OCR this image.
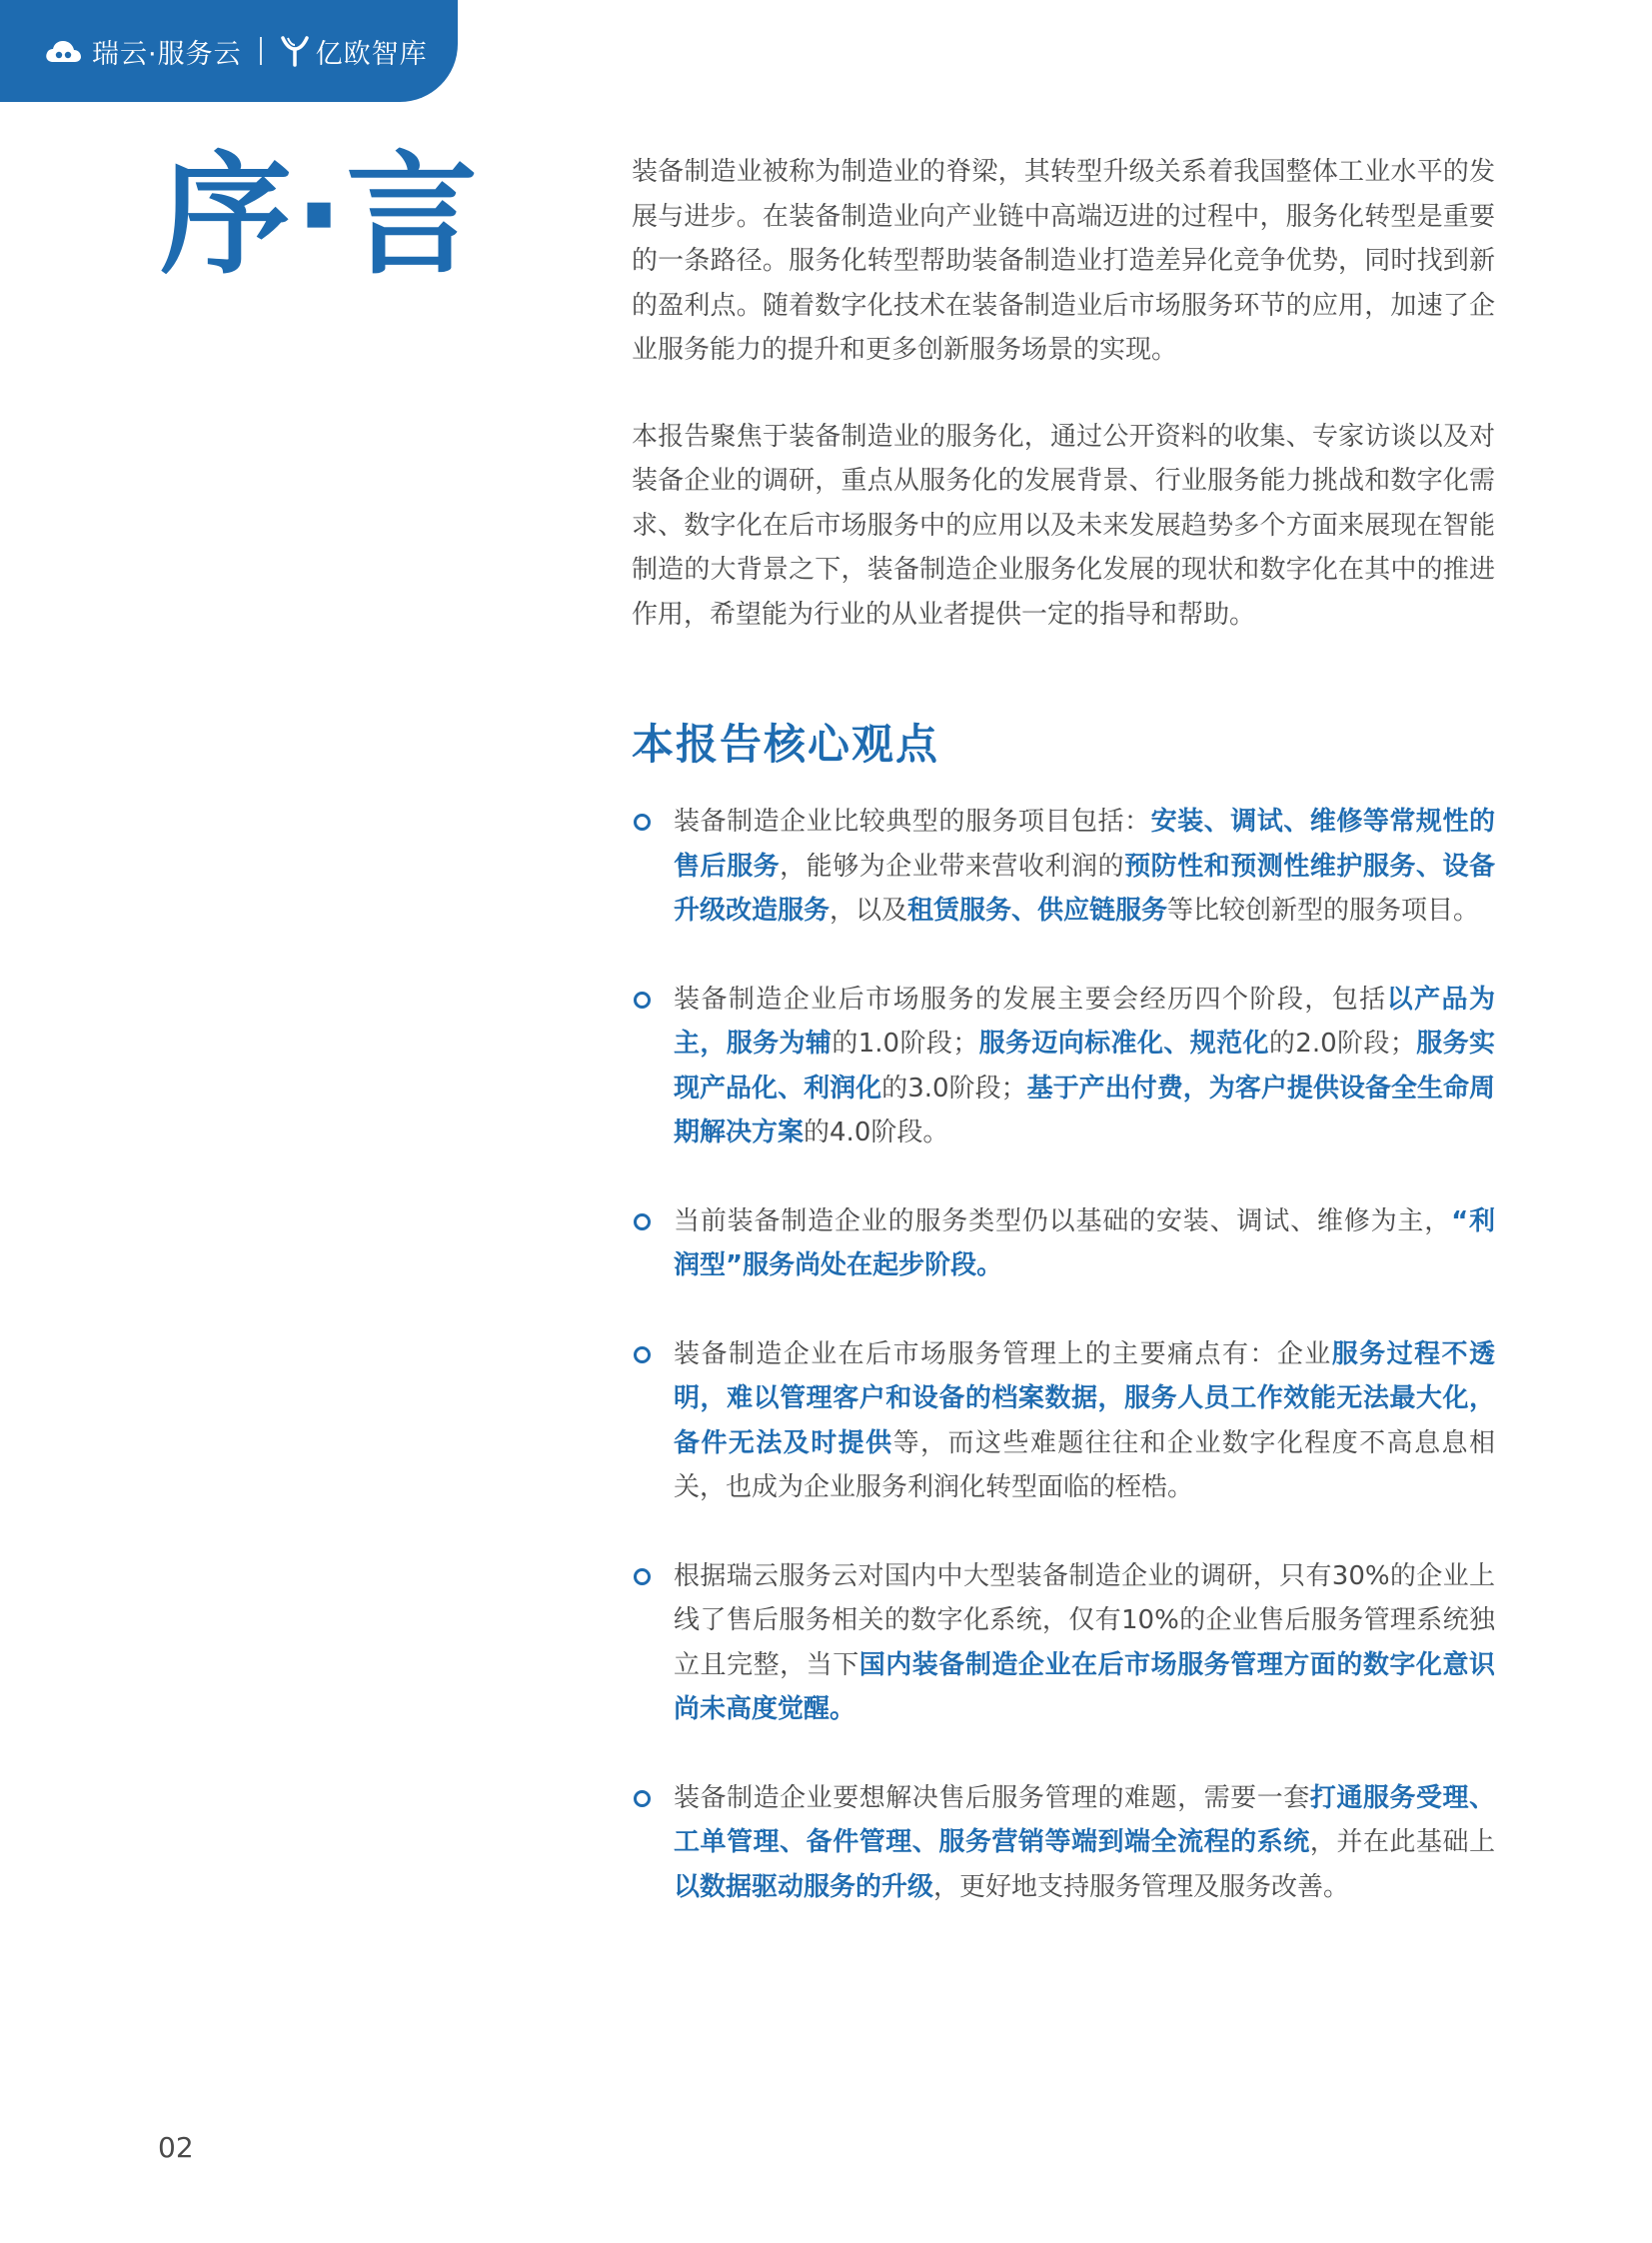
瑞云·服务云	亿欧智库
序·言	装备制造业被称为制造业的脊梁，其转型升级关系着我国整体工业水平的发展与进步。在装备制造业向产业链中高端迈进的过程中，服务化转型是重要的一条路径。服务化转型帮助装备制造业打造差异化竞争优势，同时找到新的盈利点。随着数字化技术在装备制造业后市场服务环节的应用，加速了企业服务能力的提升和更多创新服务场景的实现。

本报告聚焦于装备制造业的服务化，通过公开资料的收集、专家访谈以及对装备企业的调研，重点从服务化的发展背景、行业服务能力挑战和数字化需求、数字化在后市场服务中的应用以及未来发展趋势多个方面来展现在智能制造的大背景之下，装备制造企业服务化发展的现状和数字化在其中的推进作用，希望能为行业的从业者提供一定的指导和帮助。

本报告核心观点
装备制造企业比较典型的服务项目包括：安装、调试、维修等常规性的售后服务，能够为企业带来营收利润的预防性和预测性维护服务、设备升级改造服务，以及租赁服务、供应链服务等比较创新型的服务项目。
装备制造企业后市场服务的发展主要会经历四个阶段，包括以产品为主，服务为辅的1.0阶段；服务迈向标准化、规范化的2.0阶段；服务实现产品化、利润化的3.0阶段；基于产出付费，为客户提供设备全生命周期解决方案的4.0阶段。
当前装备制造企业的服务类型仍以基础的安装、调试、维修为主，“利润型”服务尚处在起步阶段。
装备制造企业在后市场服务管理上的主要痛点有：企业服务过程不透明，难以管理客户和设备的档案数据，服务人员工作效能无法最大化，备件无法及时提供等，而这些难题往往和企业数字化程度不高息息相关，也成为企业服务利润化转型面临的桎梏。
根据瑞云服务云对国内中大型装备制造企业的调研，只有30%的企业上线了售后服务相关的数字化系统，仅有10%的企业售后服务管理系统独立且完整，当下国内装备制造企业在后市场服务管理方面的数字化意识尚未高度觉醒。
装备制造企业要想解决售后服务管理的难题，需要一套打通服务受理、工单管理、备件管理、服务营销等端到端全流程的系统，并在此基础上以数据驱动服务的升级，更好地支持服务管理及服务改善。
02
